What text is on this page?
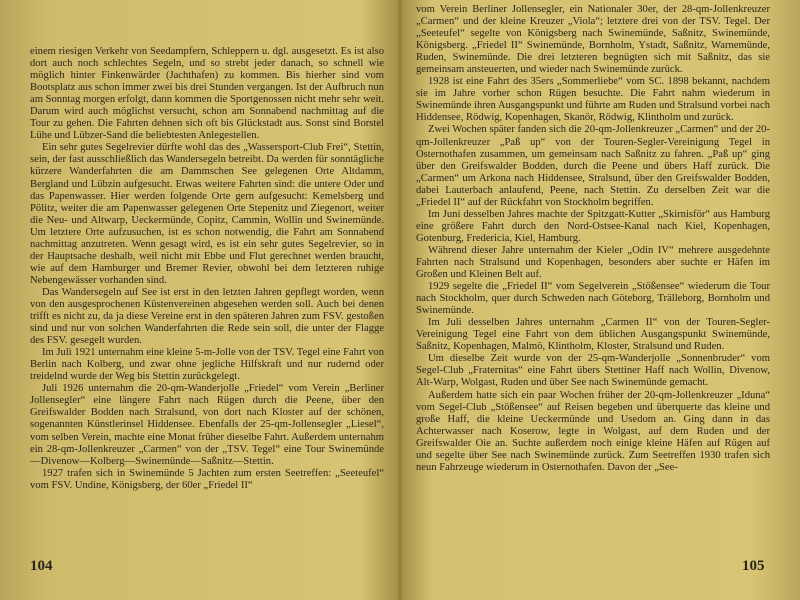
einem riesigen Verkehr von Seedampfern, Schleppern u. dgl. ausgesetzt. Es ist also dort auch noch schlechtes Segeln, und so strebt jeder danach, so schnell wie möglich hinter Finkenwärder (Jachthafen) zu kommen. Bis hierher sind vom Bootsplatz aus schon immer zwei bis drei Stunden vergangen. Ist der Aufbruch nun am Sonntag morgen erfolgt, dann kommen die Sportgenossen nicht mehr sehr weit. Darum wird auch möglichst versucht, schon am Sonnabend nachmittag auf die Tour zu gehen. Die Fahrten dehnen sich oft bis Glückstadt aus. Sonst sind Borstel Lühe und Lübzer-Sand die beliebtesten Anlegestellen.

Ein sehr gutes Segelrevier dürfte wohl das des „Wassersport-Club Frei“, Stettin, sein, der fast ausschließlich das Wandersegeln betreibt. Da werden für sonntägliche kürzere Wanderfahrten die am Dammschen See gelegenen Orte Altdamm, Bergland und Lübzin aufgesucht. Etwas weitere Fahrten sind: die untere Oder und das Papenwasser. Hier werden folgende Orte gern aufgesucht: Kemelsberg und Pölitz, weiter die am Papenwasser gelegenen Orte Stepenitz und Ziegenort, weiter die Neu- und Altwarp, Ueckermünde, Copitz, Cammin, Wollin und Swinemünde. Um letztere Orte aufzusuchen, ist es schon notwendig, die Fahrt am Sonnabend nachmittag anzutreten. Wenn gesagt wird, es ist ein sehr gutes Segelrevier, so in der Hauptsache deshalb, weil nicht mit Ebbe und Flut gerechnet werden braucht, wie auf dem Hamburger und Bremer Revier, obwohl bei dem letzteren ruhige Nebengewässer vorhanden sind.

Das Wandersegeln auf See ist erst in den letzten Jahren gepflegt worden, wenn von den ausgesprochenen Küstenvereinen abgesehen werden soll. Auch bei denen trifft es nicht zu, da ja diese Vereine erst in den späteren Jahren zum FSV. gestoßen sind und nur von solchen Wanderfahrten die Rede sein soll, die unter der Flagge des FSV. gesegelt wurden.

Im Juli 1921 unternahm eine kleine 5-m-Jolle von der TSV. Tegel eine Fahrt von Berlin nach Kolberg, und zwar ohne jegliche Hilfskraft und nur rudernd oder treidelnd wurde der Weg bis Stettin zurückgelegt.

Juli 1926 unternahm die 20-qm-Wanderjolle „Friedel“ vom Verein „Berliner Jollensegler“ eine längere Fahrt nach Rügen durch die Peene, über den Greifswalder Bodden nach Stralsund, von dort nach Kloster auf der schönen, sogenannten Künstlerinsel Hiddensee. Ebenfalls der 25-qm-Jollensegler „Liesel“, vom selben Verein, machte eine Monat früher dieselbe Fahrt. Außerdem unternahm ein 28-qm-Jollenkreuzer „Carmen“ von der „TSV. Tegel“ eine Tour Swinemünde—Divenow—Kolberg—Swinemünde—Saßnitz—Stettin.

1927 trafen sich in Swinemünde 5 Jachten zum ersten Seetreffen: „Seeteufel“ vom FSV. Undine, Königsberg, der 60er „Friedel II“

104

vom Verein Berliner Jollensegler, ein Nationaler 30er, der 28-qm-Jollenkreuzer „Carmen“ und der kleine Kreuzer „Viola“; letztere drei von der TSV. Tegel. Der „Seeteufel“ segelte von Königsberg nach Swinemünde, Saßnitz, Swinemünde, Königsberg. „Friedel II“ Swinemünde, Bornholm, Ystadt, Saßnitz, Warnemünde, Ruden, Swinemünde. Die drei letzteren begnügten sich mit Saßnitz, das sie gemeinsam ansteuerten, und wieder nach Swinemünde zurück.

1928 ist eine Fahrt des 35ers „Sommerliebe“ vom SC. 1898 bekannt, nachdem sie im Jahre vorher schon Rügen besuchte. Die Fahrt nahm wiederum in Swinemünde ihren Ausgangspunkt und führte am Ruden und Stralsund vorbei nach Hiddensee, Rödwig, Kopenhagen, Skanör, Rödwig, Klintholm und zurück.

Zwei Wochen später fanden sich die 20-qm-Jollenkreuzer „Carmen“ und der 20-qm-Jollenkreuzer „Paß up“ von der Touren-Segler-Vereinigung Tegel in Osternothafen zusammen, um gemeinsam nach Saßnitz zu fahren. „Paß up“ ging über den Greifswalder Bodden, durch die Peene und übers Haff zurück. Die „Carmen“ um Arkona nach Hiddensee, Stralsund, über den Greifswalder Bodden, dabei Lauterbach anlaufend, Peene, nach Stettin. Zu derselben Zeit war die „Friedel II“ auf der Rückfahrt von Stockholm begriffen.

Im Juni desselben Jahres machte der Spitzgatt-Kutter „Skirnisför“ aus Hamburg eine größere Fahrt durch den Nord-Ostsee-Kanal nach Kiel, Kopenhagen, Gotenburg, Fredericia, Kiel, Hamburg.

Während dieser Jahre unternahm der Kieler „Odin IV“ mehrere ausgedehnte Fahrten nach Stralsund und Kopenhagen, besonders aber suchte er Häfen im Großen und Kleinen Belt auf.

1929 segelte die „Friedel II“ vom Segelverein „Stößensee“ wiederum die Tour nach Stockholm, quer durch Schweden nach Göteborg, Trälleborg, Bornholm und Swinemünde.

Im Juli desselben Jahres unternahm „Carmen II“ von der Touren-Segler-Vereinigung Tegel eine Fahrt von dem üblichen Ausgangspunkt Swinemünde, Saßnitz, Kopenhagen, Malmö, Klintholm, Kloster, Stralsund und Ruden.

Um dieselbe Zeit wurde von der 25-qm-Wanderjolle „Sonnenbruder“ vom Segel-Club „Fraternitas“ eine Fahrt übers Stettiner Haff nach Wollin, Divenow, Alt-Warp, Wolgast, Ruden und über See nach Swinemünde gemacht.

Außerdem hatte sich ein paar Wochen früher der 20-qm-Jollenkreuzer „Iduna“ vom Segel-Club „Stößensee“ auf Reisen begeben und überquerte das kleine und große Haff, die kleine Ueckermünde und Usedom an. Ging dann in das Achterwasser nach Koserow, legte in Wolgast, auf dem Ruden und der Greifswalder Oie an. Suchte außerdem noch einige kleine Häfen auf Rügen auf und segelte über See nach Swinemünde zurück. Zum Seetreffen 1930 trafen sich neun Fahrzeuge wiederum in Osternothafen. Davon der „See-

105
